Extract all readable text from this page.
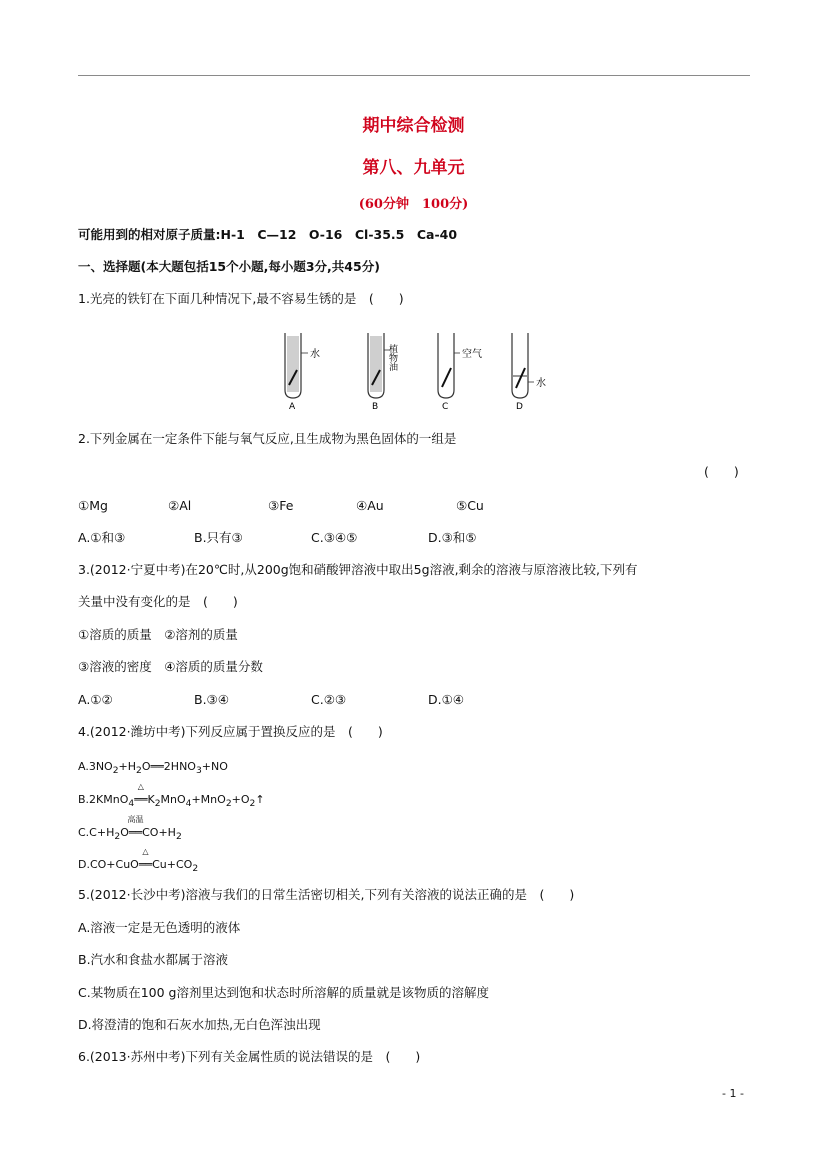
期中综合检测
第八、九单元
(60分钟　100分)
可能用到的相对原子质量:H-1　C—12　O-16　Cl-35.5　Ca-40
一、选择题(本大题包括15个小题,每小题3分,共45分)
1.光亮的铁钉在下面几种情况下,最不容易生锈的是　(　　)
水
A
植物油
B
空气
C
水
D
2.下列金属在一定条件下能与氧气反应,且生成物为黑色固体的一组是
(　　)
①Mg	②Al	③Fe	④Au	⑤Cu
A.①和③	B.只有③	C.③④⑤	D.③和⑤
3.(2012·宁夏中考)在20℃时,从200g饱和硝酸钾溶液中取出5g溶液,剩余的溶液与原溶液比较,下列有
关量中没有变化的是　(　　)
①溶质的质量　②溶剂的质量
③溶液的密度　④溶质的质量分数
A.①②	B.③④	C.②③	D.①④
4.(2012·潍坊中考)下列反应属于置换反应的是　(　　)
$A.3NO_2+H_2O══2HNO_3+NO$
B.2KMnO$_4$
△
$══K_2MnO_4+MnO_2+O_2↑$
$C.C+H_2O$
高温
$══CO+H_2$
D.CO+CuO
△
$══Cu+CO_2$
5.(2012·长沙中考)溶液与我们的日常生活密切相关,下列有关溶液的说法正确的是　(　　)
A.溶液一定是无色透明的液体
B.汽水和食盐水都属于溶液
C.某物质在100 g溶剂里达到饱和状态时所溶解的质量就是该物质的溶解度
D.将澄清的饱和石灰水加热,无白色浑浊出现
6.(2013·苏州中考)下列有关金属性质的说法错误的是　(　　)
- 1 -
